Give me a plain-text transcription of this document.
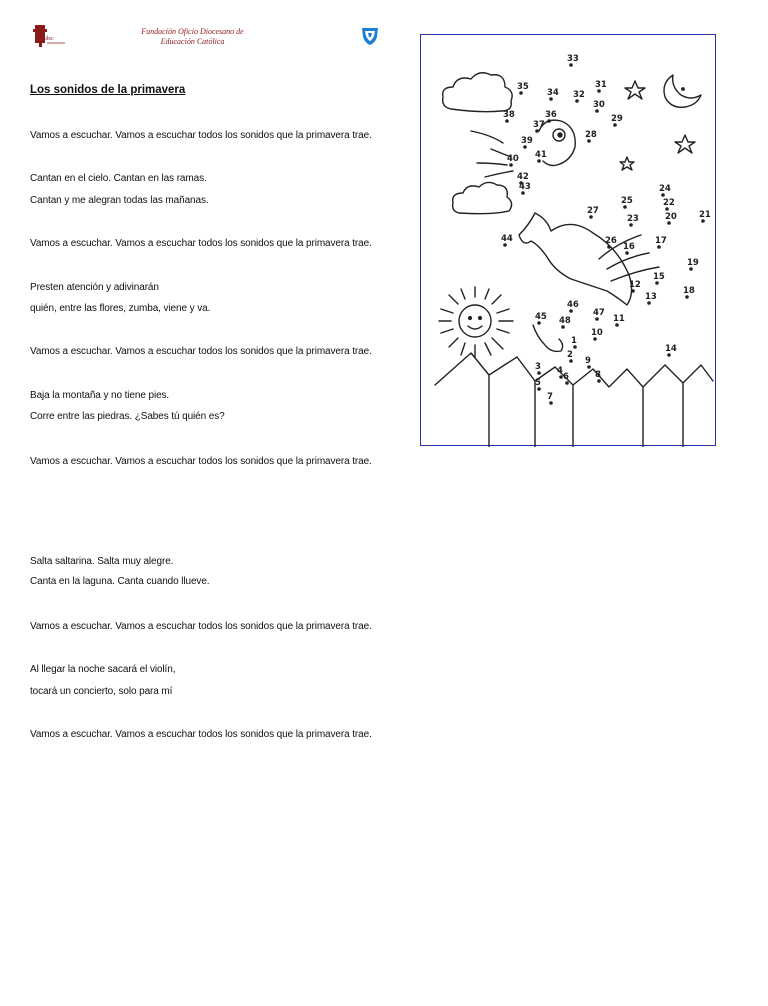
Fodec
Fundación Oficio Diocesano de
Educación Católica
Los sonidos de la primavera
Vamos a escuchar. Vamos a escuchar todos los sonidos que la primavera trae.
Cantan en el cielo. Cantan en las ramas.
Cantan y me alegran todas las mañanas.
Vamos a escuchar. Vamos a escuchar todos los sonidos que la primavera trae.
Presten atención y adivinarán
quién, entre las flores, zumba, viene y va.
Vamos a escuchar. Vamos a escuchar todos los sonidos que la primavera trae.
Baja la montaña y no tiene pies.
Corre entre las piedras. ¿Sabes tú quién es?
Vamos a escuchar. Vamos a escuchar todos los sonidos que la primavera trae.
Salta saltarina. Salta muy alegre.
Canta en la laguna. Canta cuando llueve.
Vamos a escuchar. Vamos a escuchar todos los sonidos que la primavera trae.
Al llegar la noche sacará el violín,
tocará un concierto, solo para mí
Vamos a escuchar. Vamos a escuchar todos los sonidos que la primavera trae.
1
2
3 4
5
6
7
8
9
10
11
12
13
14
15
16
17
18
19
20	21
22
23
24
25
26
27
28
29
30
31
32
33
34
35
36
37
38
39
40 41
42
43
44
45
46
47
48
